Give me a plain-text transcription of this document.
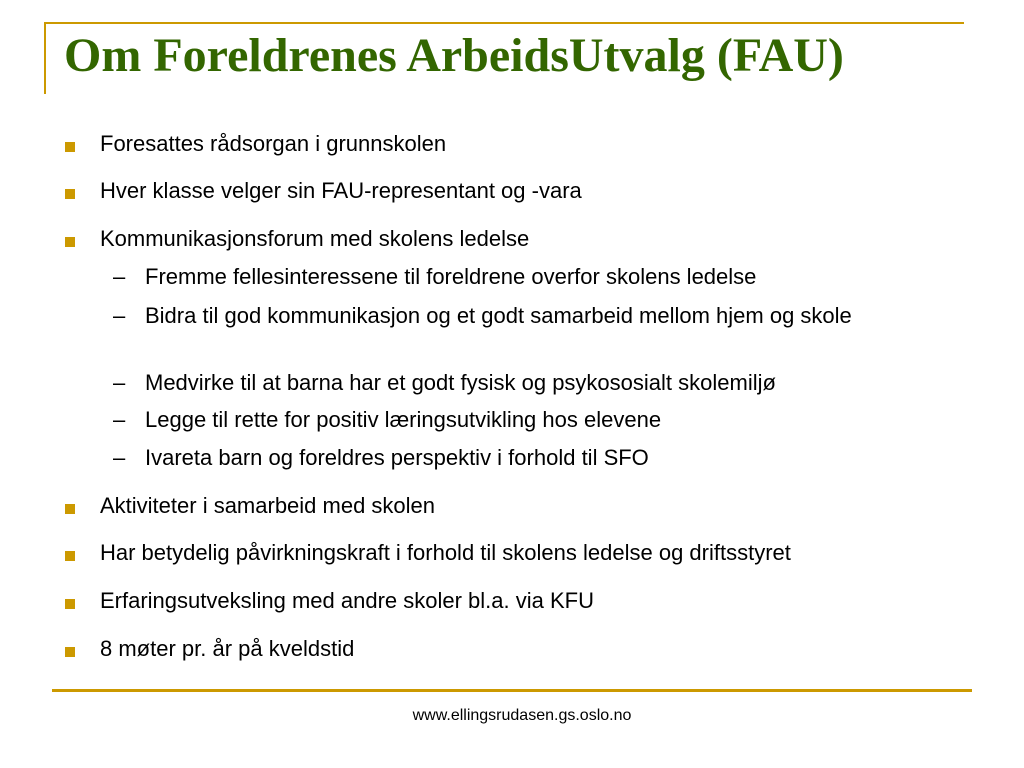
Om Foreldrenes ArbeidsUtvalg (FAU)
Foresattes rådsorgan i grunnskolen
Hver klasse velger sin FAU-representant og -vara
Kommunikasjonsforum med skolens ledelse
– Fremme fellesinteressene til foreldrene overfor skolens ledelse
– Bidra til god kommunikasjon og et godt samarbeid mellom hjem og skole
– Medvirke til at barna har et godt fysisk og psykososialt skolemiljø
– Legge til rette for positiv læringsutvikling hos elevene
– Ivareta barn og foreldres perspektiv i forhold til SFO
Aktiviteter i samarbeid med skolen
Har betydelig påvirkningskraft i forhold til skolens ledelse og driftsstyret
Erfaringsutveksling med andre skoler bl.a. via KFU
8 møter pr. år på kveldstid
www.ellingsrudasen.gs.oslo.no
